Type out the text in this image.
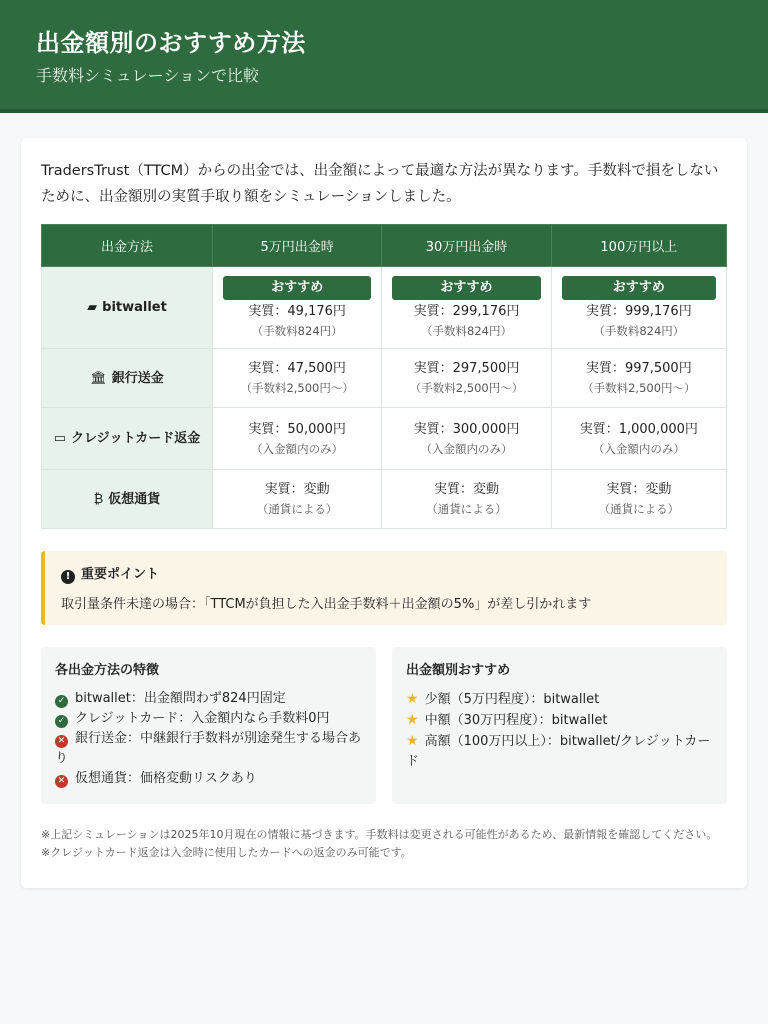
出金額別のおすすめ方法
手数料シミュレーションで比較

TradersTrust（TTCM）からの出金では、出金額によって最適な方法が異なります。手数料で損をしないために、出金額別の実質手取り額をシミュレーションしました。

出金方法	5万円出金時	30万円出金時	100万円以上
▰ bitwallet	おすすめ
実質：49,176円
（手数料824円）	おすすめ
実質：299,176円
（手数料824円）	おすすめ
実質：999,176円
（手数料824円）

🏛 銀行送金	実質：47,500円
（手数料2,500円〜）	実質：297,500円
（手数料2,500円〜）	実質：997,500円
（手数料2,500円〜）

▭ クレジットカード返金	実質：50,000円
（入金額内のみ）	実質：300,000円
（入金額内のみ）	実質：1,000,000円
（入金額内のみ）

₿ 仮想通貨	実質：変動
（通貨による）	実質：変動
（通貨による）	実質：変動
（通貨による）
! 重要ポイント
取引量条件未達の場合：「TTCMが負担した入出金手数料＋出金額の5%」が差し引かれます
各出金方法の特徴
✓ bitwallet：出金額問わず824円固定
✓ クレジットカード：入金額内なら手数料0円
✕ 銀行送金：中継銀行手数料が別途発生する場合あり
✕ 仮想通貨：価格変動リスクあり
出金額別おすすめ
★ 少額（5万円程度）：bitwallet
★ 中額（30万円程度）：bitwallet
★ 高額（100万円以上）：bitwallet/クレジットカード

※上記シミュレーションは2025年10月現在の情報に基づきます。手数料は変更される可能性があるため、最新情報を確認してください。

※クレジットカード返金は入金時に使用したカードへの返金のみ可能です。
